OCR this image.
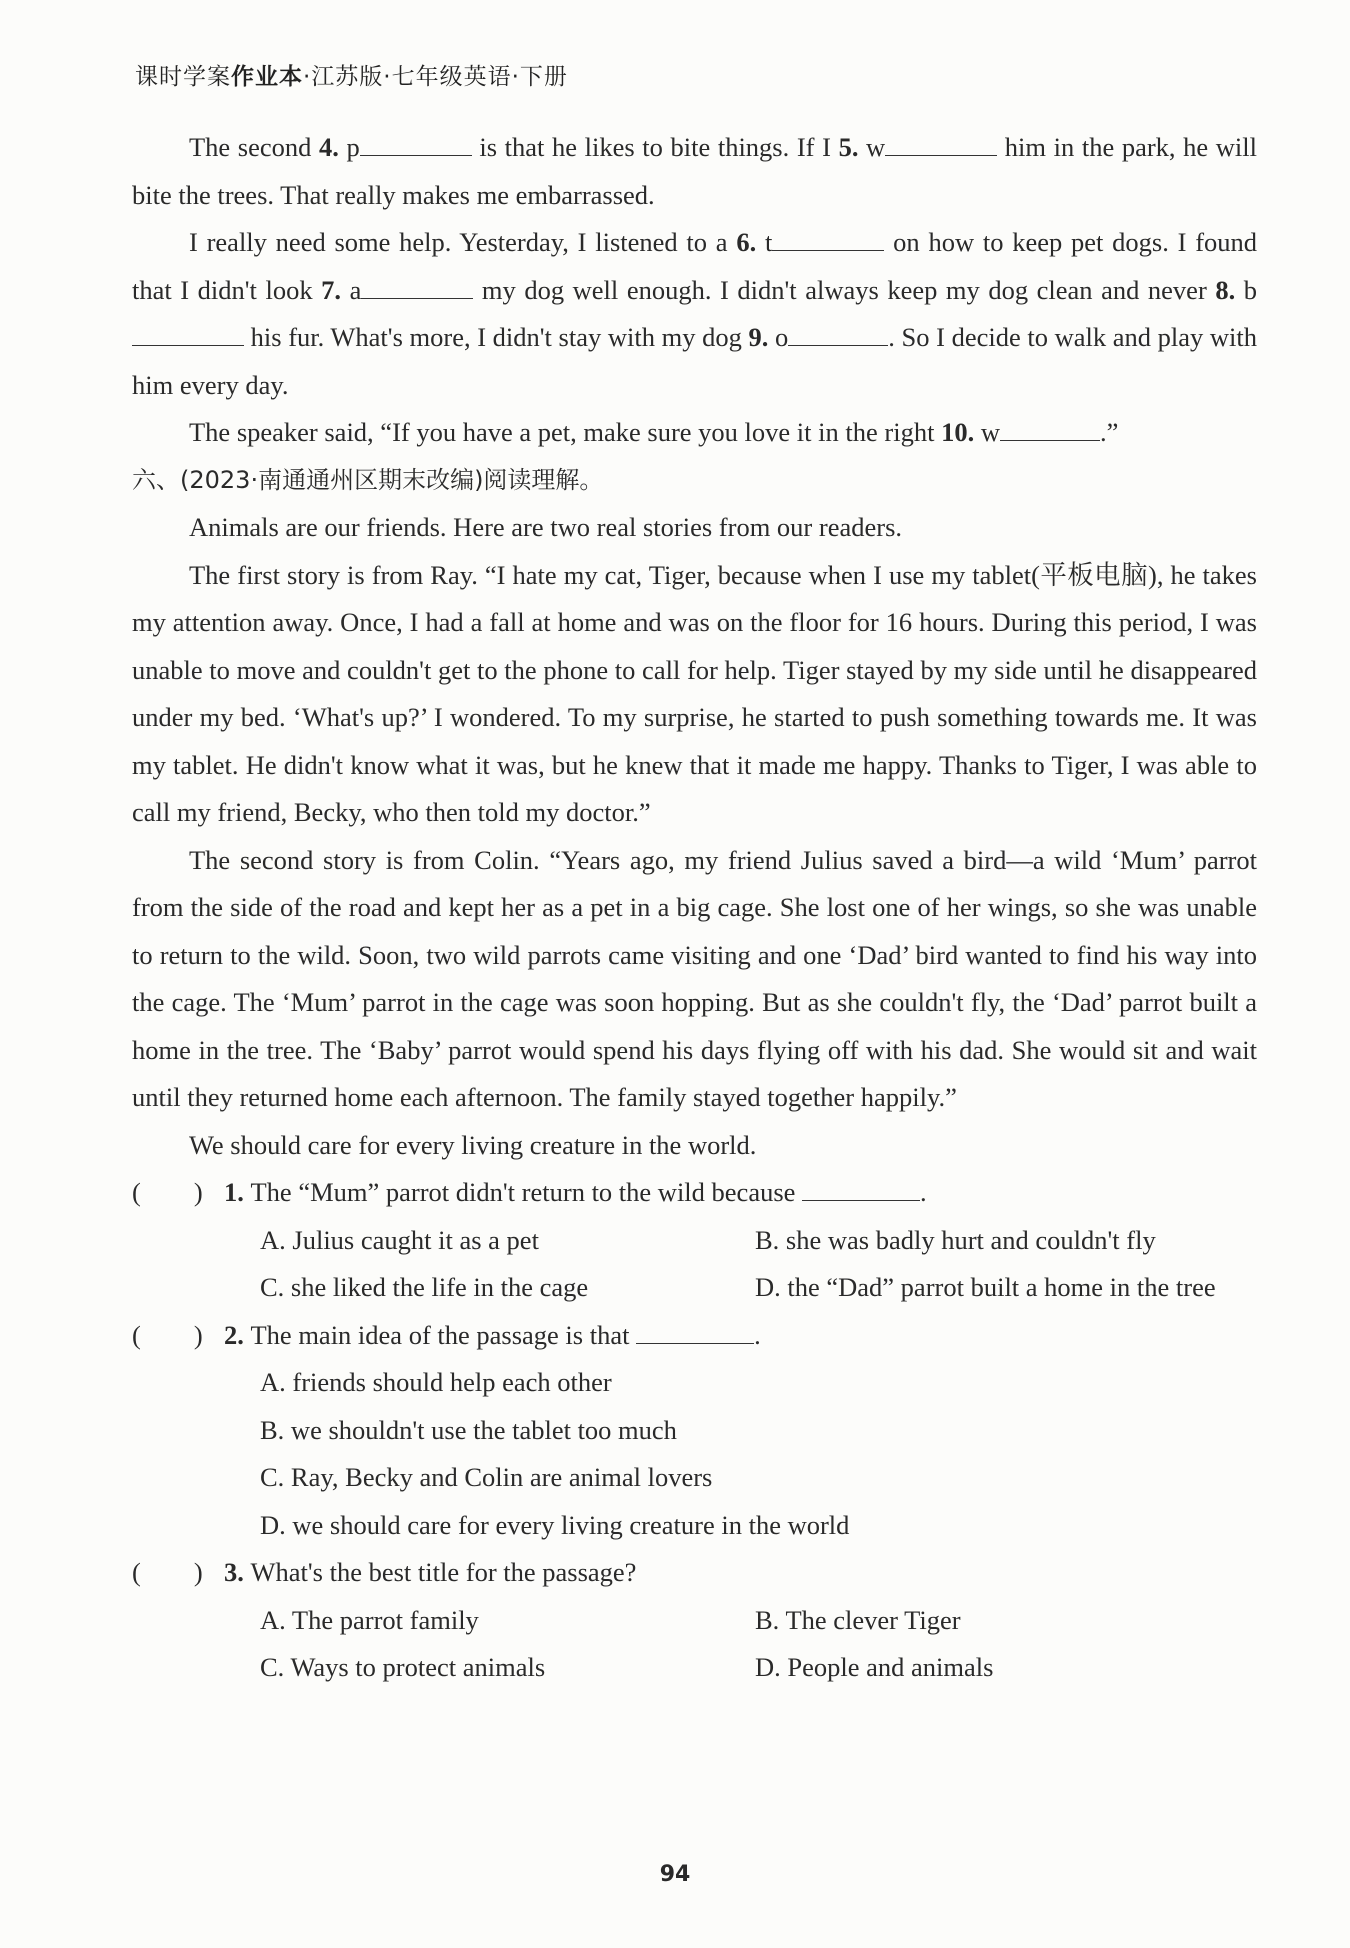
课时学案作业本·江苏版·七年级英语·下册

The second 4. p	is that he likes to bite things. If I 5. w	him in the park, he will bite the trees. That really makes me embarrassed.

I really need some help. Yesterday, I listened to a 6. t	on how to keep pet dogs. I found that I didn't look 7. a	my dog well enough. I didn't always keep my dog clean and never 8. b his fur. What's more, I didn't stay with my dog 9. o	. So I decide to walk and play with him every day.

The speaker said, “If you have a pet, make sure you love it in the right 10. w	.”

六、(2023·南通通州区期末改编)阅读理解。

Animals are our friends. Here are two real stories from our readers.

The first story is from Ray. “I hate my cat, Tiger, because when I use my tablet(平板电脑), he takes my attention away. Once, I had a fall at home and was on the floor for 16 hours. During this period, I was unable to move and couldn't get to the phone to call for help. Tiger stayed by my side until he disappeared under my bed. ‘What's up?’ I wondered. To my surprise, he started to push something towards me. It was my tablet. He didn't know what it was, but he knew that it made me happy. Thanks to Tiger, I was able to call my friend, Becky, who then told my doctor.”

The second story is from Colin. “Years ago, my friend Julius saved a bird—a wild ‘Mum’ parrot from the side of the road and kept her as a pet in a big cage. She lost one of her wings, so she was unable to return to the wild. Soon, two wild parrots came visiting and one ‘Dad’ bird wanted to find his way into the cage. The ‘Mum’ parrot in the cage was soon hopping. But as she couldn't fly, the ‘Dad’ parrot built a home in the tree. The ‘Baby’ parrot would spend his days flying off with his dad. She would sit and wait until they returned home each afternoon. The family stayed together happily.”

We should care for every living creature in the world.

(        ) 1.
The “Mum” parrot didn't return to the wild because
	.
A. Julius caught it as a pet	B. she was badly hurt and couldn't fly
C. she liked the life in the cage	D. the “Dad” parrot built a home in the tree
(        ) 2.
The main idea of the passage is that
	.
A. friends should help each other
B. we shouldn't use the tablet too much
C. Ray, Becky and Colin are animal lovers
D. we should care for every living creature in the world
(        ) 3.
What's the best title for the passage?
A. The parrot family	B. The clever Tiger
C. Ways to protect animals	D. People and animals
94
